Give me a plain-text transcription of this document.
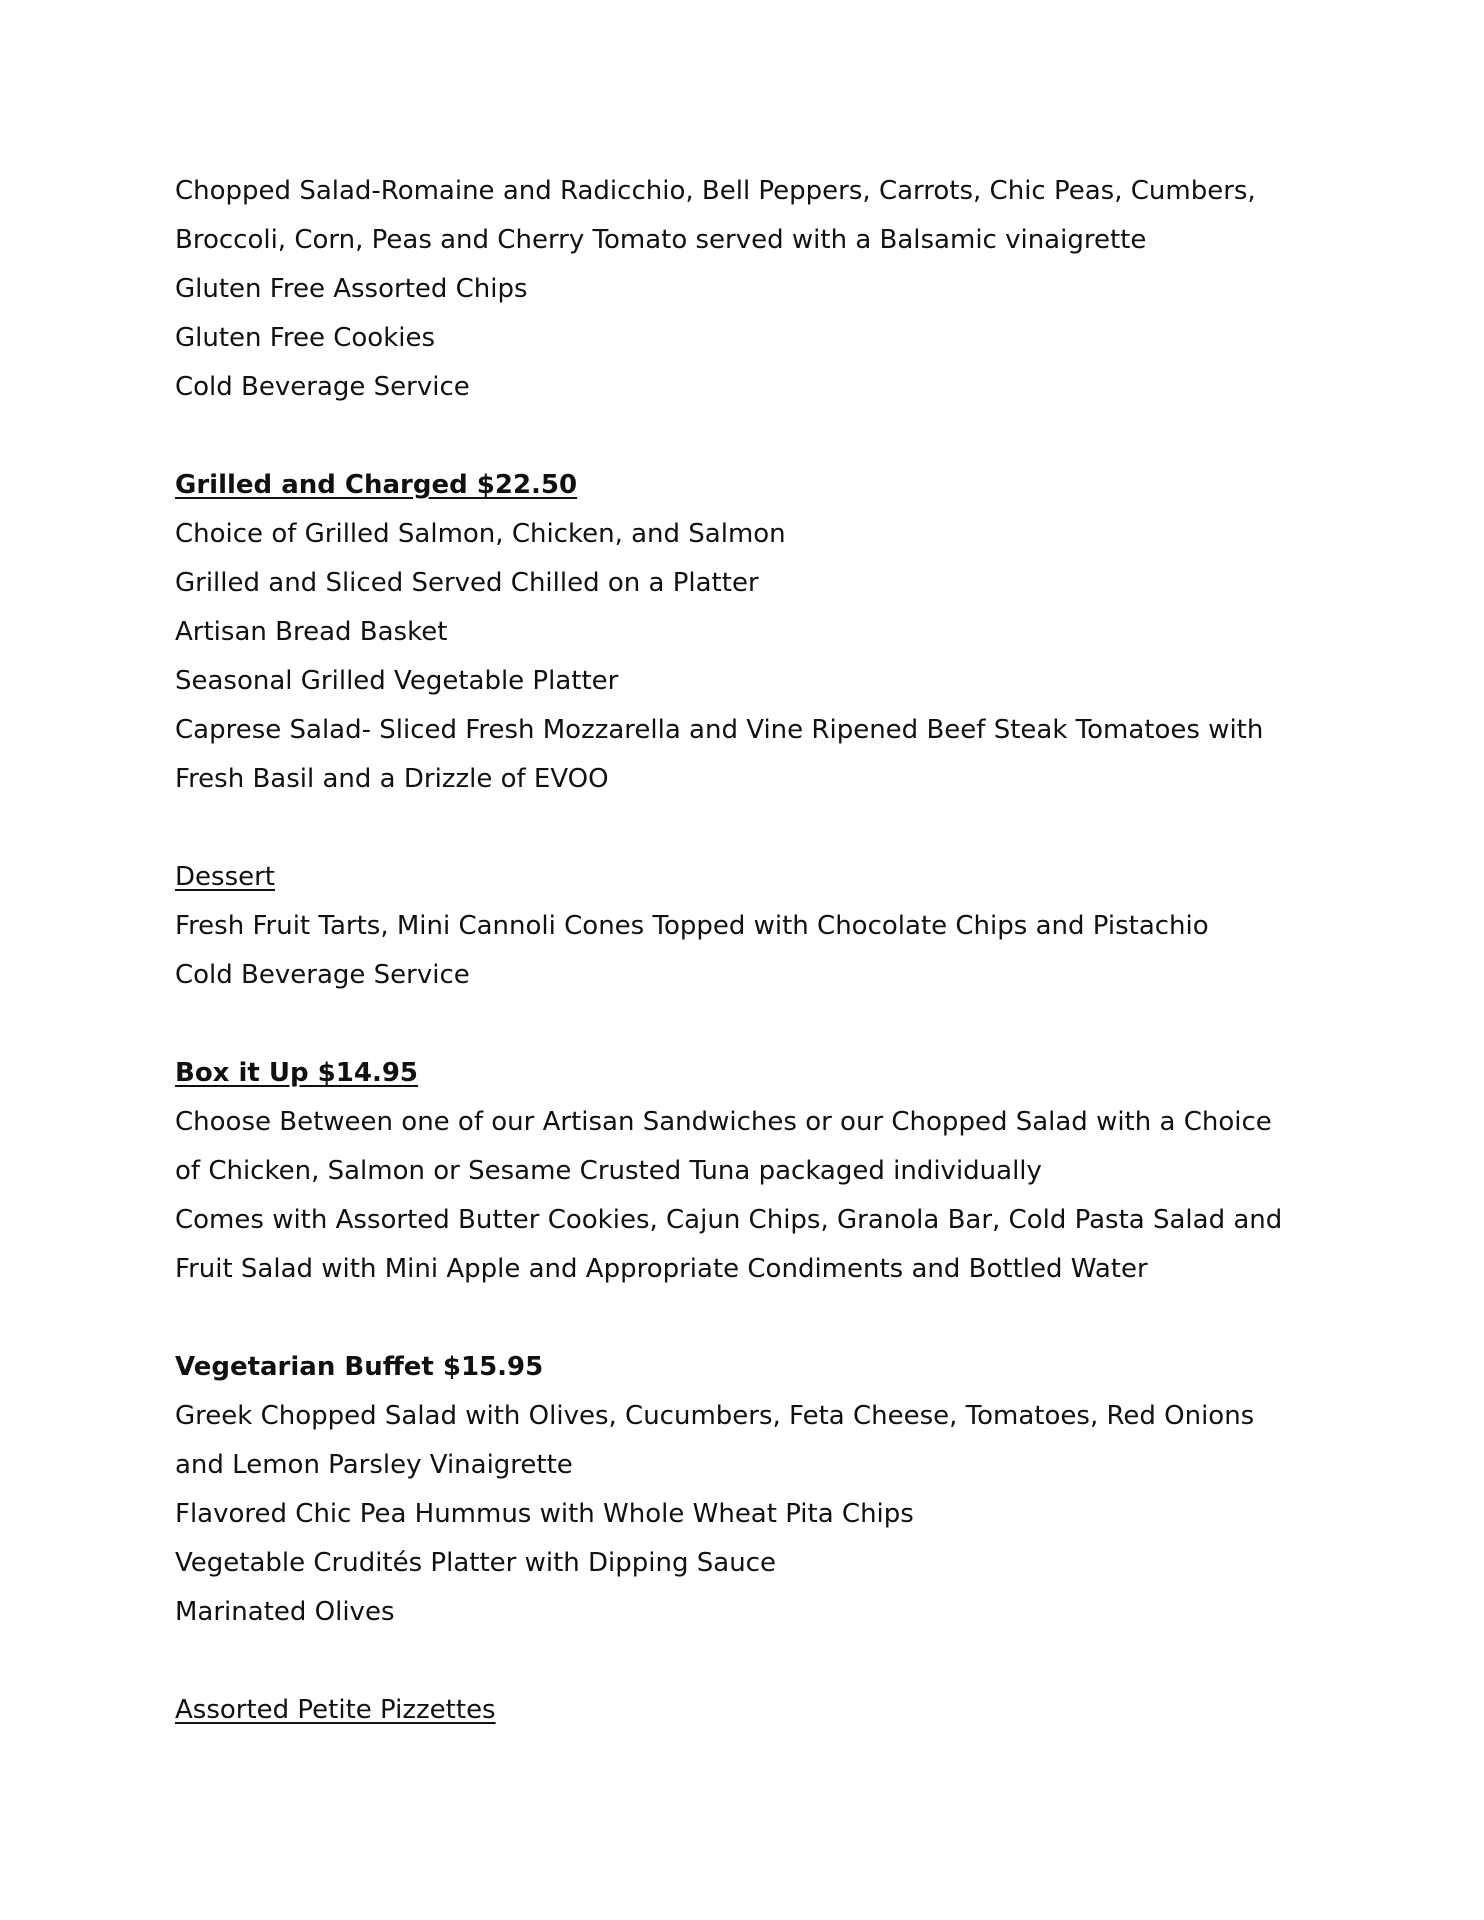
Chopped Salad-Romaine and Radicchio, Bell Peppers, Carrots, Chic Peas, Cumbers,

Broccoli, Corn, Peas and Cherry Tomato served with a Balsamic vinaigrette

Gluten Free Assorted Chips

Gluten Free Cookies

Cold Beverage Service

Grilled and Charged $22.50

Choice of Grilled Salmon, Chicken, and Salmon

Grilled and Sliced Served Chilled on a Platter

Artisan Bread Basket

Seasonal Grilled Vegetable Platter

Caprese Salad- Sliced Fresh Mozzarella and Vine Ripened Beef Steak Tomatoes with

Fresh Basil and a Drizzle of EVOO

Dessert

Fresh Fruit Tarts, Mini Cannoli Cones Topped with Chocolate Chips and Pistachio

Cold Beverage Service

Box it Up $14.95

Choose Between one of our Artisan Sandwiches or our Chopped Salad with a Choice

of Chicken, Salmon or Sesame Crusted Tuna packaged individually

Comes with Assorted Butter Cookies, Cajun Chips, Granola Bar, Cold Pasta Salad and

Fruit Salad with Mini Apple and Appropriate Condiments and Bottled Water

Vegetarian Buffet $15.95

Greek Chopped Salad with Olives, Cucumbers, Feta Cheese, Tomatoes, Red Onions

and Lemon Parsley Vinaigrette

Flavored Chic Pea Hummus with Whole Wheat Pita Chips

Vegetable Crudités Platter with Dipping Sauce

Marinated Olives

Assorted Petite Pizzettes
